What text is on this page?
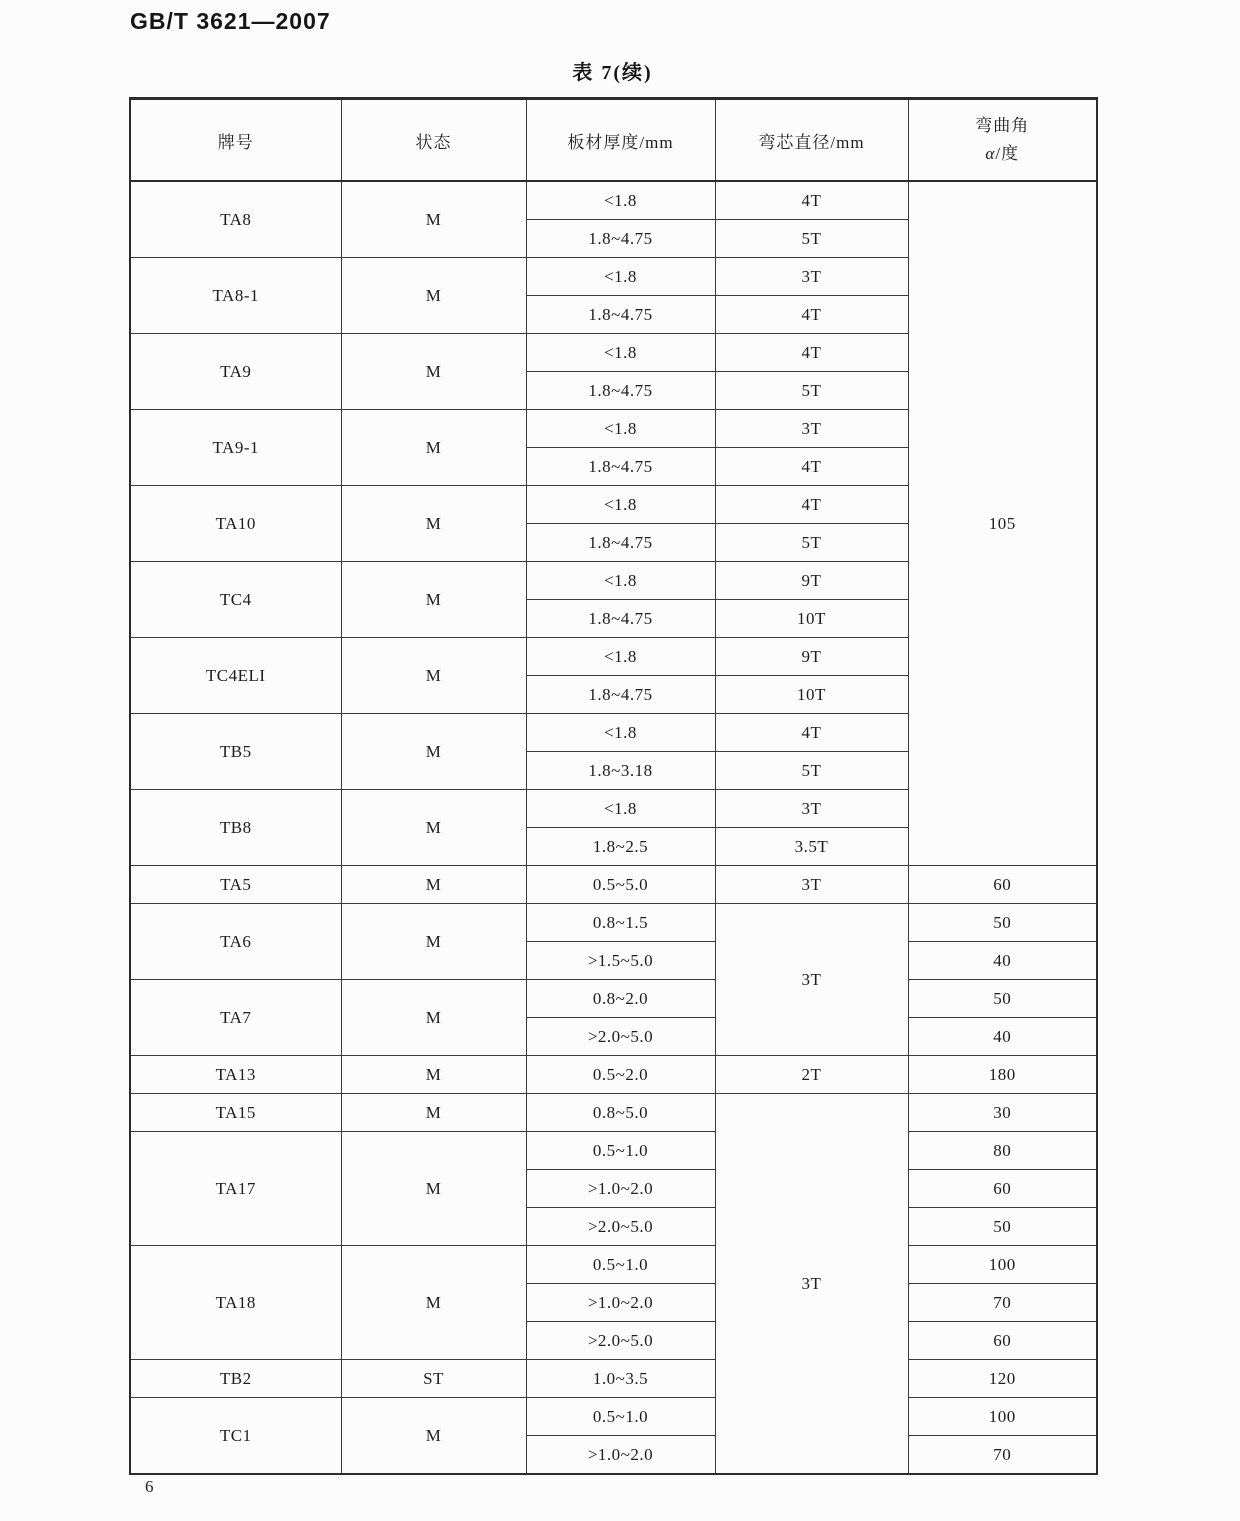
GB/T 3621—2007
表 7(续)
牌号	状态	板材厚度/mm	弯芯直径/mm	弯曲角
α/度

TA8	M	<1.8	4T	105
		1.8~4.75	5T	
TA8-1	M	<1.8	3T	
		1.8~4.75	4T	
TA9	M	<1.8	4T	
		1.8~4.75	5T	
TA9-1	M	<1.8	3T	
		1.8~4.75	4T	
TA10	M	<1.8	4T	
		1.8~4.75	5T	
TC4	M	<1.8	9T	
		1.8~4.75	10T	
TC4ELI	M	<1.8	9T	
		1.8~4.75	10T	
TB5	M	<1.8	4T	
		1.8~3.18	5T	
TB8	M	<1.8	3T	
		1.8~2.5	3.5T	
TA5	M	0.5~5.0	3T	60
TA6	M	0.8~1.5	3T	50
		>1.5~5.0		40
TA7	M	0.8~2.0		50
		>2.0~5.0		40
TA13	M	0.5~2.0	2T	180
TA15	M	0.8~5.0	3T	30
TA17	M	0.5~1.0		80
		>1.0~2.0		60
		>2.0~5.0		50
TA18	M	0.5~1.0		100
		>1.0~2.0		70
		>2.0~5.0		60
TB2	ST	1.0~3.5		120
TC1	M	0.5~1.0		100
		>1.0~2.0		70
6
